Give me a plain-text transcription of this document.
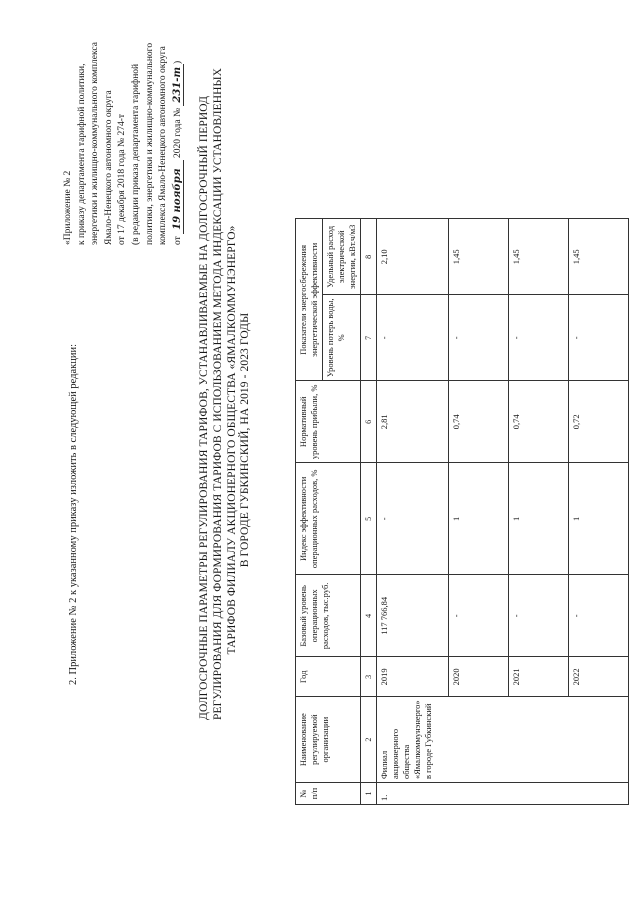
2. Приложение № 2 к указанному приказу изложить в следующей редакции:
«Приложение № 2 к приказу департамента тарифной политики, энергетики и жилищно-коммунального комплекса Ямало-Ненецкого автономного округа от 17 декабря 2018 года № 274-т (в редакции приказа департамента тарифной политики, энергетики и жилищно-коммунального комплекса Ямало-Ненецкого автономного округа от 19 ноября 2020 года № 231-т)
ДОЛГОСРОЧНЫЕ ПАРАМЕТРЫ РЕГУЛИРОВАНИЯ ТАРИФОВ, УСТАНАВЛИВАЕМЫЕ НА ДОЛГОСРОЧНЫЙ ПЕРИОД РЕГУЛИРОВАНИЯ ДЛЯ ФОРМИРОВАНИЯ ТАРИФОВ С ИСПОЛЬЗОВАНИЕМ МЕТОДА ИНДЕКСАЦИИ УСТАНОВЛЕННЫХ ТАРИФОВ ФИЛИАЛУ АКЦИОНЕРНОГО ОБЩЕСТВА «ЯМАЛКОММУНЭНЕРГО» В ГОРОДЕ ГУБКИНСКИЙ, НА 2019 - 2023 ГОДЫ
№ п/п	Наименование регулируемой организации	Год	Базовый уровень операционных расходов, тыс.руб.	Индекс эффективности операционных расходов, %	Нормативный уровень прибыли, %	Показатели энергосбережения энергетической эффективности	
						Уровень потерь воды, %	Удельный расход электрической энергии, кВт.ч/м3
1	2	3	4	5	6	7	8
1.	Филиал акционерного общества «Ямалкоммунэнерго» в городе Губкинский	2019	117 766,84	-	2,81	-	2,10
		2020	-	1	0,74	-	1,45
		2021	-	1	0,74	-	1,45
		2022	-	1	0,72	-	1,45
